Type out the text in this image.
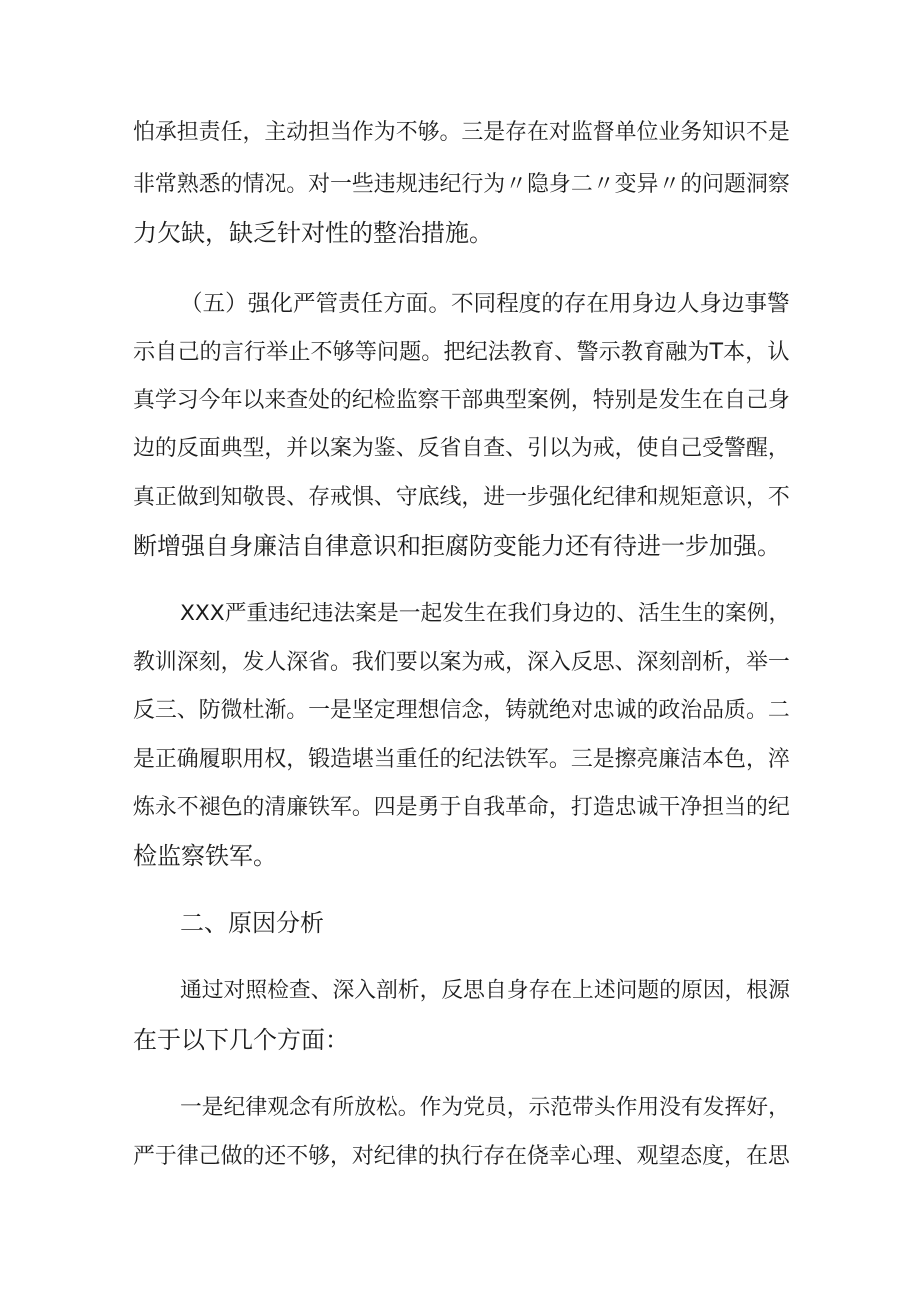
怕承担责任，主动担当作为不够。三是存在对监督单位业务知识不是

非常熟悉的情况。对一些违规违纪行为〃隐身二〃变异〃的问题洞察

力欠缺，缺乏针对性的整治措施。

（五）强化严管责任方面。不同程度的存在用身边人身边事警

示自己的言行举止不够等问题。把纪法教育、警示教育融为T本，认

真学习今年以来查处的纪检监察干部典型案例，特别是发生在自己身

边的反面典型，并以案为鉴、反省自查、引以为戒，使自己受警醒，

真正做到知敬畏、存戒惧、守底线，进一步强化纪律和规矩意识，不

断增强自身廉洁自律意识和拒腐防变能力还有待进一步加强。

XXX严重违纪违法案是一起发生在我们身边的、活生生的案例，

教训深刻，发人深省。我们要以案为戒，深入反思、深刻剖析，举一

反三、防微杜渐。一是坚定理想信念，铸就绝对忠诚的政治品质。二

是正确履职用权，锻造堪当重任的纪法铁军。三是擦亮廉洁本色，淬

炼永不褪色的清廉铁军。四是勇于自我革命，打造忠诚干净担当的纪

检监察铁军。

二、原因分析

通过对照检查、深入剖析，反思自身存在上述问题的原因，根源

在于以下几个方面：

一是纪律观念有所放松。作为党员，示范带头作用没有发挥好，

严于律己做的还不够，对纪律的执行存在侥幸心理、观望态度，在思
